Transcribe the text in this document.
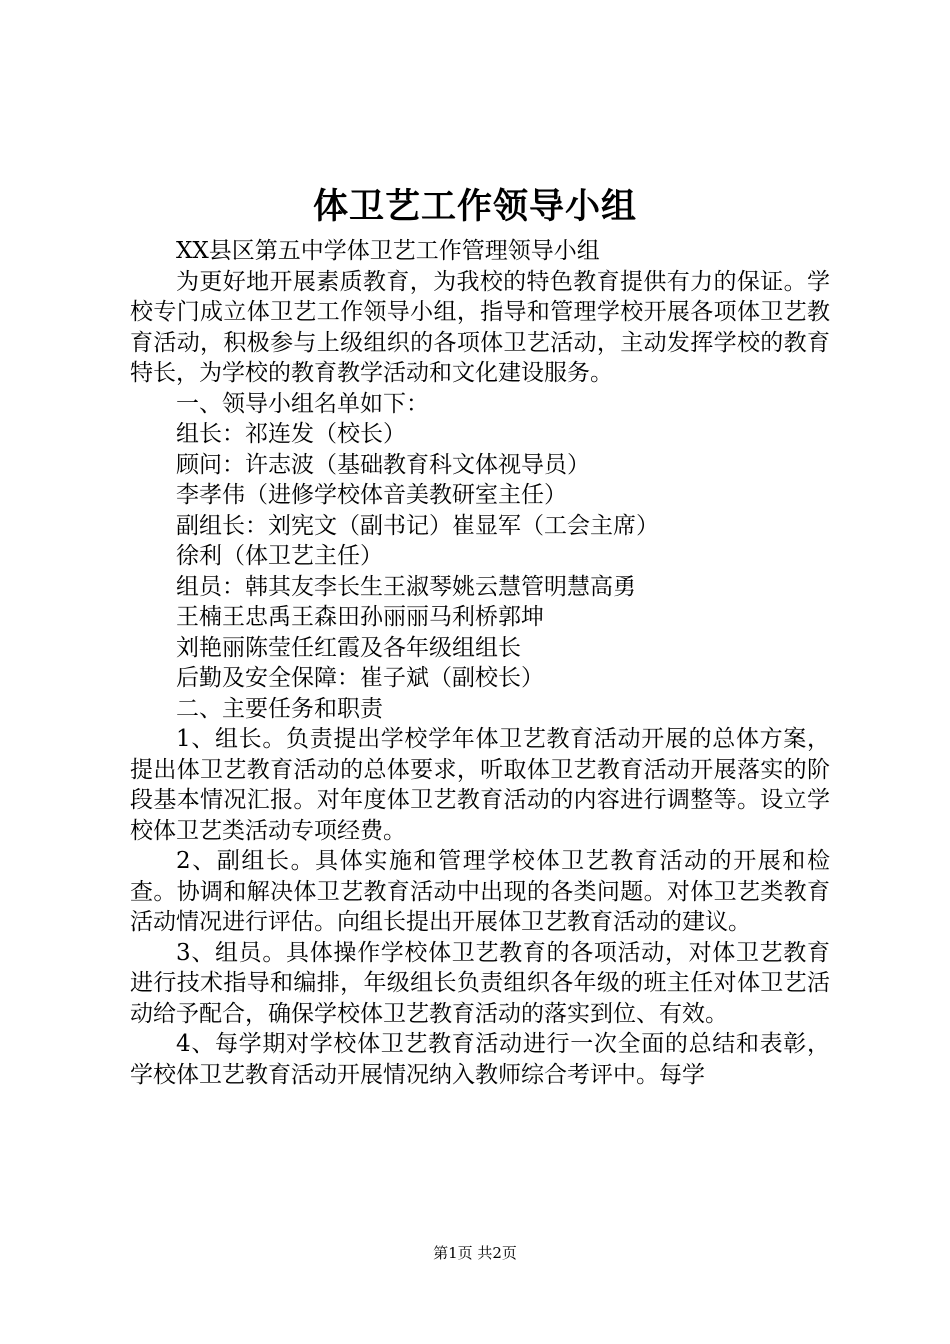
体卫艺工作领导小组

XX县区第五中学体卫艺工作管理领导小组

为更好地开展素质教育，为我校的特色教育提供有力的保证。学校专门成立体卫艺工作领导小组，指导和管理学校开展各项体卫艺教育活动，积极参与上级组织的各项体卫艺活动，主动发挥学校的教育特长，为学校的教育教学活动和文化建设服务。

一、领导小组名单如下：

组长：祁连发（校长）

顾问：许志波（基础教育科文体视导员）

李孝伟（进修学校体音美教研室主任）

副组长：刘宪文（副书记）崔显军（工会主席）

徐利（体卫艺主任）

组员：韩其友李长生王淑琴姚云慧管明慧高勇

王楠王忠禹王森田孙丽丽马利桥郭坤

刘艳丽陈莹任红霞及各年级组组长

后勤及安全保障：崔子斌（副校长）

二、主要任务和职责

1、组长。负责提出学校学年体卫艺教育活动开展的总体方案，提出体卫艺教育活动的总体要求，听取体卫艺教育活动开展落实的阶段基本情况汇报。对年度体卫艺教育活动的内容进行调整等。设立学校体卫艺类活动专项经费。

2、副组长。具体实施和管理学校体卫艺教育活动的开展和检查。协调和解决体卫艺教育活动中出现的各类问题。对体卫艺类教育活动情况进行评估。向组长提出开展体卫艺教育活动的建议。

3、组员。具体操作学校体卫艺教育的各项活动，对体卫艺教育进行技术指导和编排，年级组长负责组织各年级的班主任对体卫艺活动给予配合，确保学校体卫艺教育活动的落实到位、有效。

4、每学期对学校体卫艺教育活动进行一次全面的总结和表彰，学校体卫艺教育活动开展情况纳入教师综合考评中。每学

第1页 共2页
